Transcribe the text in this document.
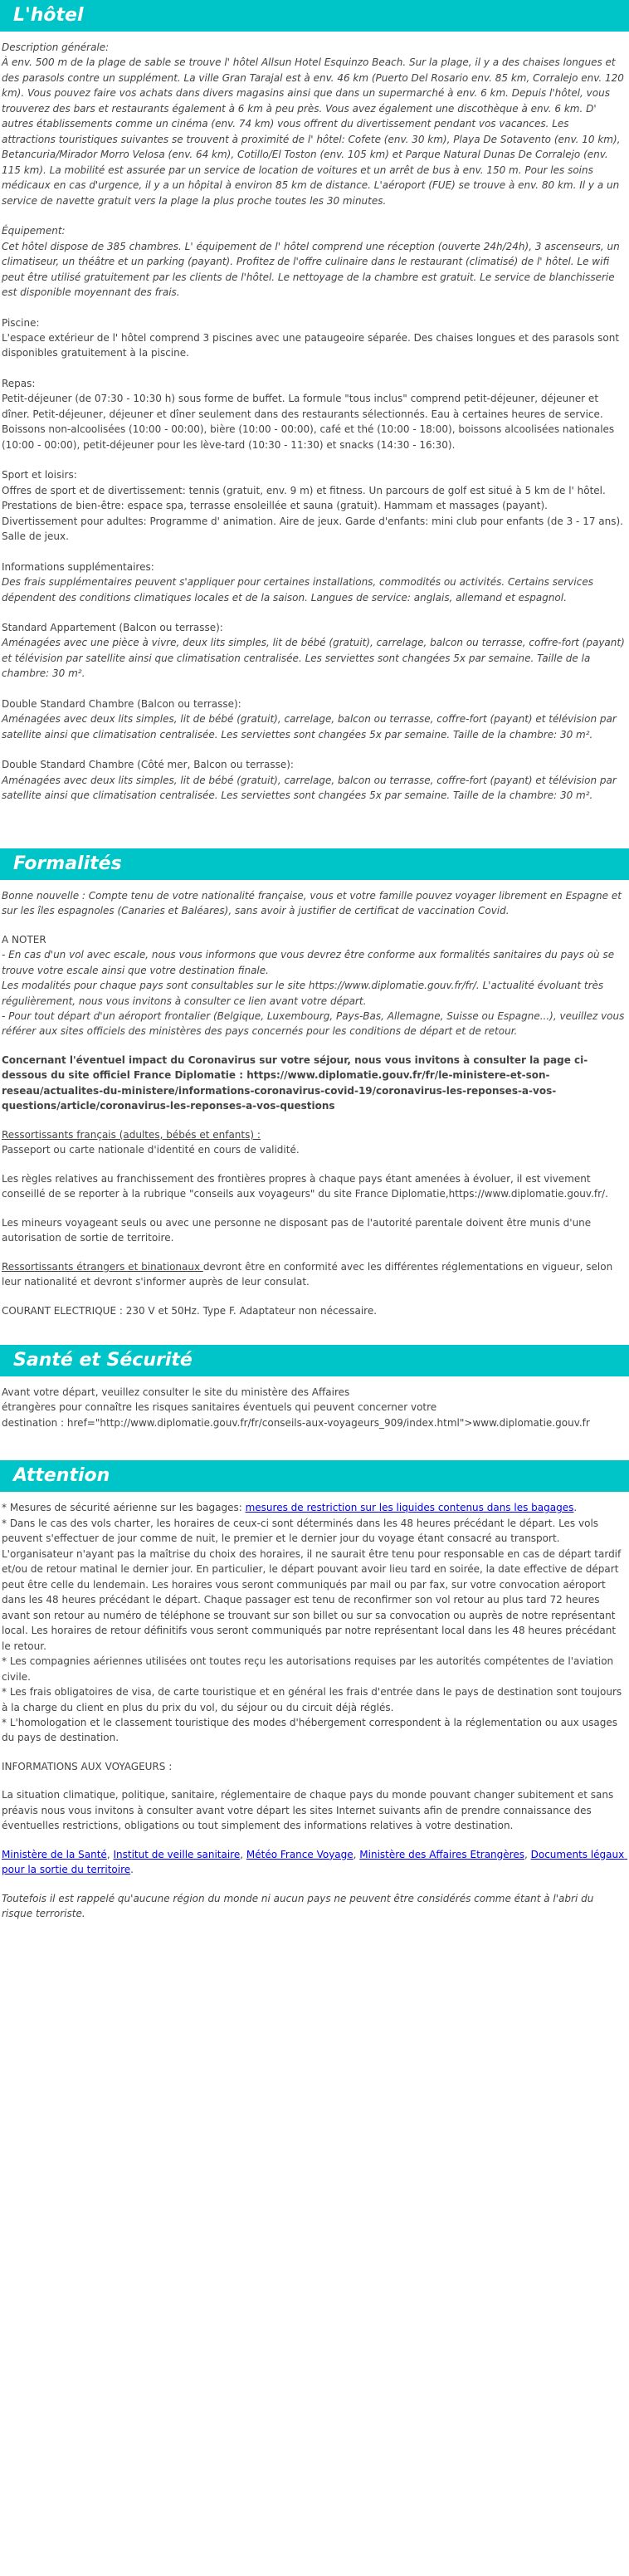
L'hôtel
Description générale:
À env. 500 m de la plage de sable se trouve l' hôtel Allsun Hotel Esquinzo Beach. Sur la plage, il y a des chaises longues et des parasols contre un supplément. La ville Gran Tarajal est à env. 46 km (Puerto Del Rosario env. 85 km, Corralejo env. 120 km). Vous pouvez faire vos achats dans divers magasins ainsi que dans un supermarché à env. 6 km. Depuis l'hôtel, vous trouverez des bars et restaurants également à 6 km à peu près. Vous avez également une discothèque à env. 6 km. D' autres établissements comme un cinéma (env. 74 km) vous offrent du divertissement pendant vos vacances. Les attractions touristiques suivantes se trouvent à proximité de l' hôtel: Cofete (env. 30 km), Playa De Sotavento (env. 10 km), Betancuria/Mirador Morro Velosa (env. 64 km), Cotillo/El Toston (env. 105 km) et Parque Natural Dunas De Corralejo (env. 115 km). La mobilité est assurée par un service de location de voitures et un arrêt de bus à env. 150 m. Pour les soins médicaux en cas d'urgence, il y a un hôpital à environ 85 km de distance. L'aéroport (FUE) se trouve à env. 80 km. Il y a un service de navette gratuit vers la plage la plus proche toutes les 30 minutes.
Équipement:
Cet hôtel dispose de 385 chambres. L' équipement de l' hôtel comprend une réception (ouverte 24h/24h), 3 ascenseurs, un climatiseur, un théâtre et un parking (payant). Profitez de l'offre culinaire dans le restaurant (climatisé) de l' hôtel. Le wifi peut être utilisé gratuitement par les clients de l'hôtel. Le nettoyage de la chambre est gratuit. Le service de blanchisserie est disponible moyennant des frais.
Piscine:
L'espace extérieur de l' hôtel comprend 3 piscines avec une pataugeoire séparée. Des chaises longues et des parasols sont disponibles gratuitement à la piscine.
Repas:
Petit-déjeuner (de 07:30 - 10:30 h) sous forme de buffet. La formule "tous inclus" comprend petit-déjeuner, déjeuner et dîner. Petit-déjeuner, déjeuner et dîner seulement dans des restaurants sélectionnés. Eau à certaines heures de service. Boissons non-alcoolisées (10:00 - 00:00), bière (10:00 - 00:00), café et thé (10:00 - 18:00), boissons alcoolisées nationales (10:00 - 00:00), petit-déjeuner pour les lève-tard (10:30 - 11:30) et snacks (14:30 - 16:30).
Sport et loisirs:
Offres de sport et de divertissement: tennis (gratuit, env. 9 m) et fitness. Un parcours de golf est situé à 5 km de l' hôtel. Prestations de bien-être: espace spa, terrasse ensoleillée et sauna (gratuit). Hammam et massages (payant). Divertissement pour adultes: Programme d' animation. Aire de jeux. Garde d'enfants: mini club pour enfants (de 3 - 17 ans). Salle de jeux.
Informations supplémentaires:
Des frais supplémentaires peuvent s'appliquer pour certaines installations, commodités ou activités. Certains services dépendent des conditions climatiques locales et de la saison. Langues de service: anglais, allemand et espagnol.
Standard Appartement (Balcon ou terrasse):
Aménagées avec une pièce à vivre, deux lits simples, lit de bébé (gratuit), carrelage, balcon ou terrasse, coffre-fort (payant) et télévision par satellite ainsi que climatisation centralisée. Les serviettes sont changées 5x par semaine. Taille de la chambre: 30 m².
Double Standard Chambre (Balcon ou terrasse):
Aménagées avec deux lits simples, lit de bébé (gratuit), carrelage, balcon ou terrasse, coffre-fort (payant) et télévision par satellite ainsi que climatisation centralisée. Les serviettes sont changées 5x par semaine. Taille de la chambre: 30 m².
Double Standard Chambre (Côté mer, Balcon ou terrasse):
Aménagées avec deux lits simples, lit de bébé (gratuit), carrelage, balcon ou terrasse, coffre-fort (payant) et télévision par satellite ainsi que climatisation centralisée. Les serviettes sont changées 5x par semaine. Taille de la chambre: 30 m².
Formalités
Bonne nouvelle : Compte tenu de votre nationalité française, vous et votre famille pouvez voyager librement en Espagne et sur les îles espagnoles (Canaries et Baléares), sans avoir à justifier de certificat de vaccination Covid.
A NOTER
- En cas d'un vol avec escale, nous vous informons que vous devrez être conforme aux formalités sanitaires du pays où se trouve votre escale ainsi que votre destination finale.
Les modalités pour chaque pays sont consultables sur le site https://www.diplomatie.gouv.fr/fr/. L'actualité évoluant très régulièrement, nous vous invitons à consulter ce lien avant votre départ.
- Pour tout départ d'un aéroport frontalier (Belgique, Luxembourg, Pays-Bas, Allemagne, Suisse ou Espagne...), veuillez vous référer aux sites officiels des ministères des pays concernés pour les conditions de départ et de retour.
Concernant l'éventuel impact du Coronavirus sur votre séjour, nous vous invitons à consulter la page ci-dessous du site officiel France Diplomatie : https://www.diplomatie.gouv.fr/fr/le-ministere-et-son-reseau/actualites-du-ministere/informations-coronavirus-covid-19/coronavirus-les-reponses-a-vos-questions/article/coronavirus-les-reponses-a-vos-questions
Ressortissants français (adultes, bébés et enfants) :
Passeport ou carte nationale d'identité en cours de validité.
Les règles relatives au franchissement des frontières propres à chaque pays étant amenées à évoluer, il est vivement conseillé de se reporter à la rubrique "conseils aux voyageurs" du site France Diplomatie,https://www.diplomatie.gouv.fr/.
Les mineurs voyageant seuls ou avec une personne ne disposant pas de l'autorité parentale doivent être munis d'une autorisation de sortie de territoire.
Ressortissants étrangers et binationaux devront être en conformité avec les différentes réglementations en vigueur, selon leur nationalité et devront s'informer auprès de leur consulat.
COURANT ELECTRIQUE : 230 V et 50Hz. Type F. Adaptateur non nécessaire.
Santé et Sécurité
Avant votre départ, veuillez consulter le site du ministère des Affaires
étrangères pour connaître les risques sanitaires éventuels qui peuvent concerner votre
destination : href="http://www.diplomatie.gouv.fr/fr/conseils-aux-voyageurs_909/index.html">www.diplomatie.gouv.fr
Attention
* Mesures de sécurité aérienne sur les bagages: mesures de restriction sur les liquides contenus dans les bagages.
* Dans le cas des vols charter, les horaires de ceux-ci sont déterminés dans les 48 heures précédant le départ. Les vols peuvent s'effectuer de jour comme de nuit, le premier et le dernier jour du voyage étant consacré au transport. L'organisateur n'ayant pas la maîtrise du choix des horaires, il ne saurait être tenu pour responsable en cas de départ tardif et/ou de retour matinal le dernier jour. En particulier, le départ pouvant avoir lieu tard en soirée, la date effective de départ peut être celle du lendemain. Les horaires vous seront communiqués par mail ou par fax, sur votre convocation aéroport dans les 48 heures précédant le départ. Chaque passager est tenu de reconfirmer son vol retour au plus tard 72 heures avant son retour au numéro de téléphone se trouvant sur son billet ou sur sa convocation ou auprès de notre représentant local. Les horaires de retour définitifs vous seront communiqués par notre représentant local dans les 48 heures précédant le retour.
* Les compagnies aériennes utilisées ont toutes reçu les autorisations requises par les autorités compétentes de l'aviation civile.
* Les frais obligatoires de visa, de carte touristique et en général les frais d'entrée dans le pays de destination sont toujours à la charge du client en plus du prix du vol, du séjour ou du circuit déjà réglés.
* L'homologation et le classement touristique des modes d'hébergement correspondent à la réglementation ou aux usages du pays de destination.
INFORMATIONS AUX VOYAGEURS :
La situation climatique, politique, sanitaire, réglementaire de chaque pays du monde pouvant changer subitement et sans préavis nous vous invitons à consulter avant votre départ les sites Internet suivants afin de prendre connaissance des éventuelles restrictions, obligations ou tout simplement des informations relatives à votre destination.
Ministère de la Santé, Institut de veille sanitaire, Météo France Voyage, Ministère des Affaires Etrangères, Documents légaux pour la sortie du territoire.
Toutefois il est rappelé qu'aucune région du monde ni aucun pays ne peuvent être considérés comme étant à l'abri du risque terroriste.
